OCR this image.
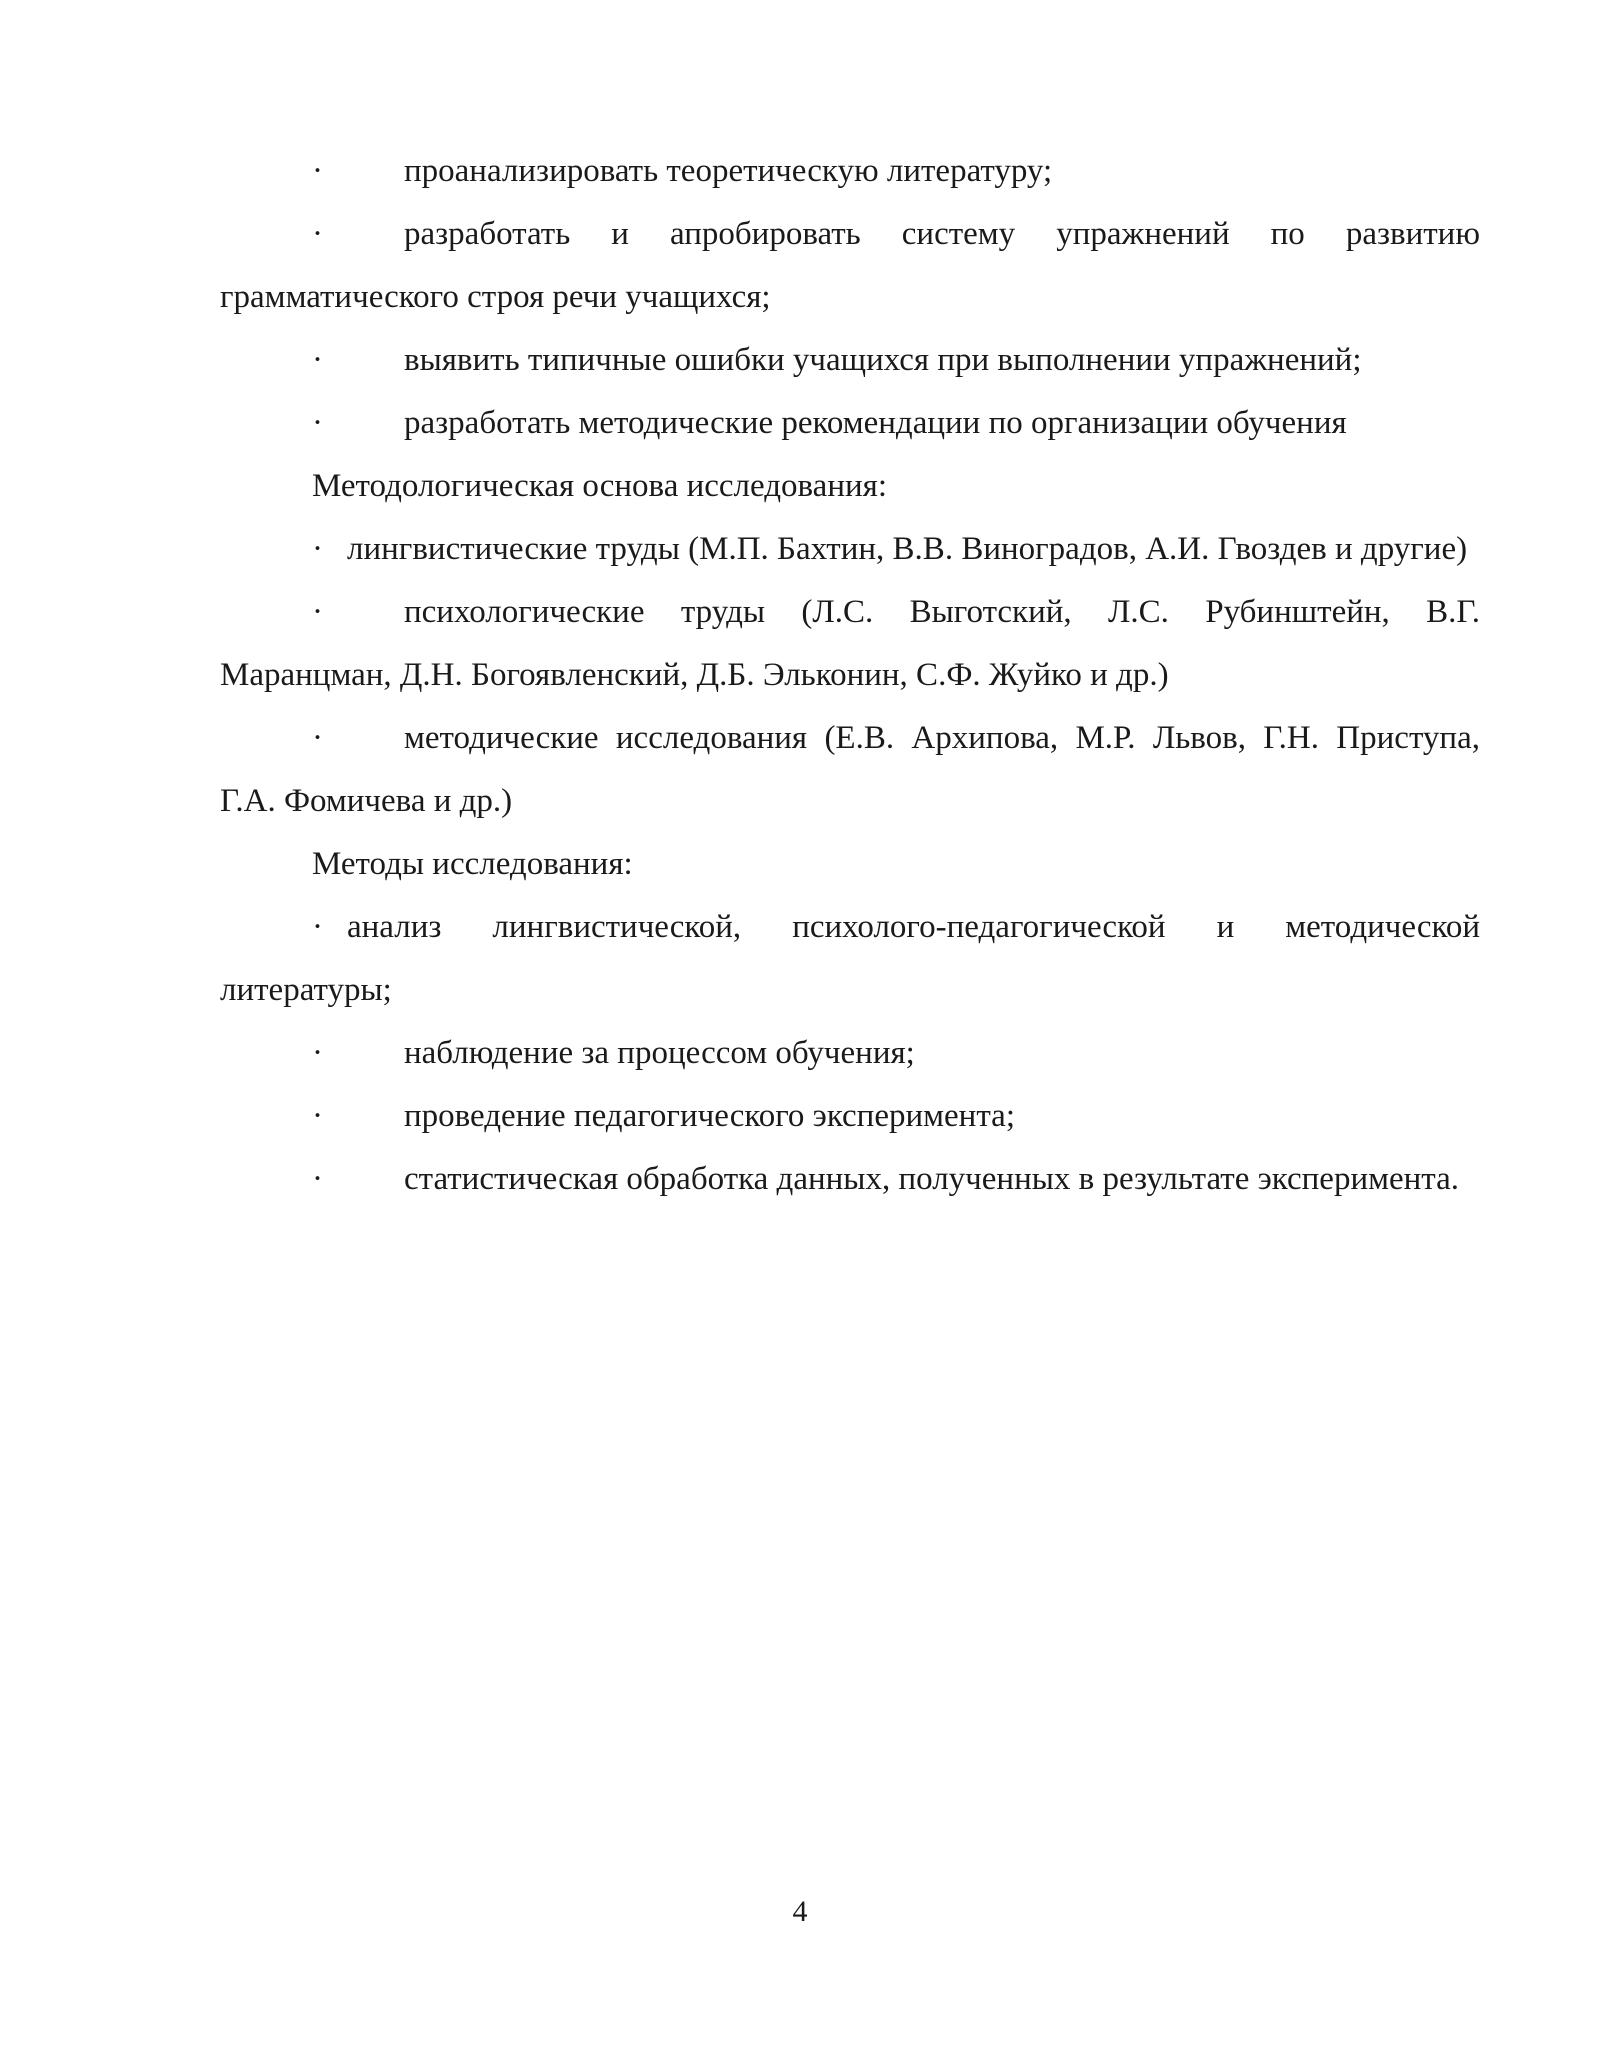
· проанализировать теоретическую литературу;

· разработать и апробировать систему упражнений по развитию грамматического строя речи учащихся;

· выявить типичные ошибки учащихся при выполнении упражнений;

· разработать методические рекомендации по организации обучения

Методологическая основа исследования:

· лингвистические труды (М.П. Бахтин, В.В. Виноградов, А.И. Гвоздев и другие)

· психологические труды (Л.С. Выготский, Л.С. Рубинштейн, В.Г. Маранцман, Д.Н. Богоявленский, Д.Б. Эльконин, С.Ф. Жуйко и др.)

· методические исследования (Е.В. Архипова, М.Р. Львов, Г.Н. Приступа, Г.А. Фомичева и др.)

Методы исследования:

· анализ лингвистической, психолого-педагогической и методической литературы;

· наблюдение за процессом обучения;

· проведение педагогического эксперимента;

· статистическая обработка данных, полученных в результате эксперимента.

4
